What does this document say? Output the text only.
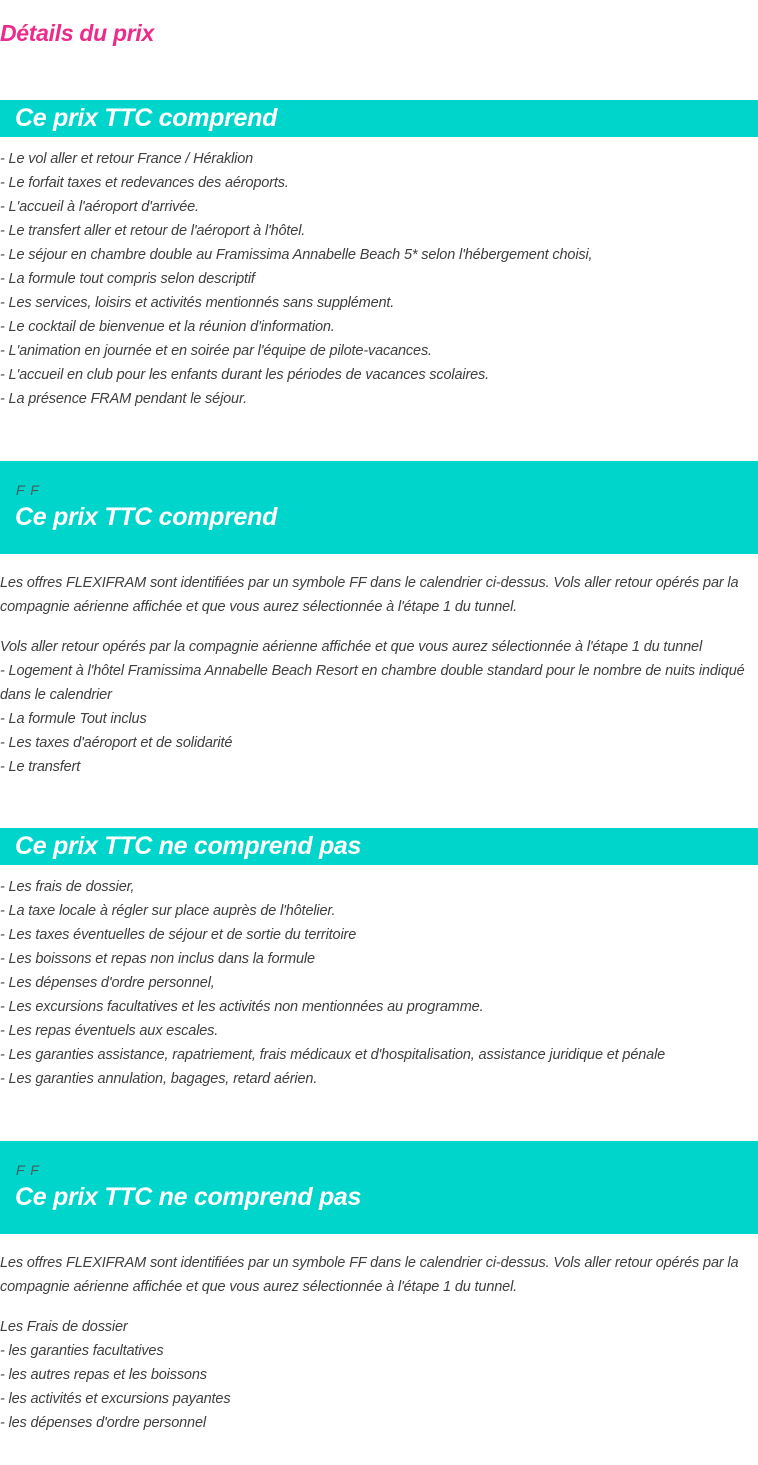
Détails du prix
Ce prix TTC comprend
- Le vol aller et retour France / Héraklion
- Le forfait taxes et redevances des aéroports.
- L'accueil à l'aéroport d'arrivée.
- Le transfert aller et retour de l'aéroport à l'hôtel.
- Le séjour en chambre double au Framissima Annabelle Beach 5* selon l'hébergement choisi,
- La formule tout compris selon descriptif
- Les services, loisirs et activités mentionnés sans supplément.
- Le cocktail de bienvenue et la réunion d'information.
- L'animation en journée et en soirée par l'équipe de pilote-vacances.
- L'accueil en club pour les enfants durant les périodes de vacances scolaires.
- La présence FRAM pendant le séjour.
F F
Ce prix TTC comprend

Les offres FLEXIFRAM sont identifiées par un symbole FF dans le calendrier ci-dessus. Vols aller retour opérés par la compagnie aérienne affichée et que vous aurez sélectionnée à l'étape 1 du tunnel.

Vols aller retour opérés par la compagnie aérienne affichée et que vous aurez sélectionnée à l'étape 1 du tunnel
- Logement à l'hôtel Framissima Annabelle Beach Resort en chambre double standard pour le nombre de nuits indiqué dans le calendrier
- La formule Tout inclus
- Les taxes d'aéroport et de solidarité
- Le transfert
Ce prix TTC ne comprend pas
- Les frais de dossier,
- La taxe locale à régler sur place auprès de l'hôtelier.
- Les taxes éventuelles de séjour et de sortie du territoire
- Les boissons et repas non inclus dans la formule
- Les dépenses d'ordre personnel,
- Les excursions facultatives et les activités non mentionnées au programme.
- Les repas éventuels aux escales.
- Les garanties assistance, rapatriement, frais médicaux et d'hospitalisation, assistance juridique et pénale
- Les garanties annulation, bagages, retard aérien.
F F
Ce prix TTC ne comprend pas

Les offres FLEXIFRAM sont identifiées par un symbole FF dans le calendrier ci-dessus. Vols aller retour opérés par la compagnie aérienne affichée et que vous aurez sélectionnée à l'étape 1 du tunnel.

Les Frais de dossier
- les garanties facultatives
- les autres repas et les boissons
- les activités et excursions payantes
- les dépenses d'ordre personnel
